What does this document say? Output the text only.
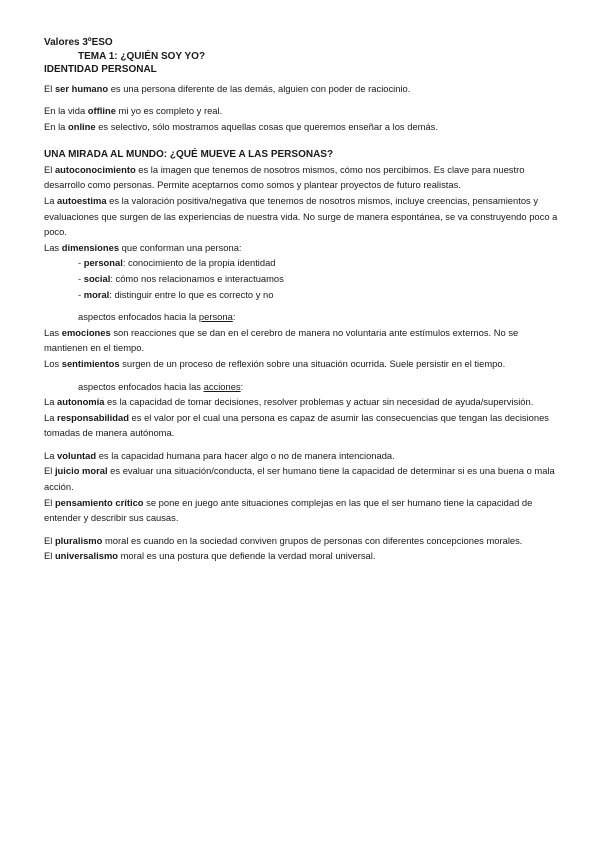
Valores 3ºESO
TEMA 1: ¿QUIÉN SOY YO?
IDENTIDAD PERSONAL

El ser humano es una persona diferente de las demás, alguien con poder de raciocinio.

En la vida offline mi yo es completo y real.

En la online es selectivo, sólo mostramos aquellas cosas que queremos enseñar a los demás.

UNA MIRADA AL MUNDO: ¿QUÉ MUEVE A LAS PERSONAS?

El autoconocimiento es la imagen que tenemos de nosotros mismos, cómo nos percibimos. Es clave para nuestro desarrollo como personas. Permite aceptarnos como somos y plantear proyectos de futuro realistas.

La autoestima es la valoración positiva/negativa que tenemos de nosotros mismos, incluye creencias, pensamientos y evaluaciones que surgen de las experiencias de nuestra vida. No surge de manera espontánea, se va construyendo poco a poco.

Las dimensiones que conforman una persona:

- personal: conocimiento de la propia identidad

- social: cómo nos relacionamos e interactuamos

- moral: distinguir entre lo que es correcto y no

aspectos enfocados hacia la persona:

Las emociones son reacciones que se dan en el cerebro de manera no voluntaria ante estímulos externos. No se mantienen en el tiempo.

Los sentimientos surgen de un proceso de reflexión sobre una situación ocurrida. Suele persistir en el tiempo.

aspectos enfocados hacia las acciones:

La autonomía es la capacidad de tomar decisiones, resolver problemas y actuar sin necesidad de ayuda/supervisión.

La responsabilidad es el valor por el cual una persona es capaz de asumir las consecuencias que tengan las decisiones tomadas de manera autónoma.

La voluntad es la capacidad humana para hacer algo o no de manera intencionada.

El juicio moral es evaluar una situación/conducta, el ser humano tiene la capacidad de determinar si es una buena o mala acción.

El pensamiento crítico se pone en juego ante situaciones complejas en las que el ser humano tiene la capacidad de entender y describir sus causas.

El pluralismo moral es cuando en la sociedad conviven grupos de personas con diferentes concepciones morales.

El universalismo moral es una postura que defiende la verdad moral universal.
